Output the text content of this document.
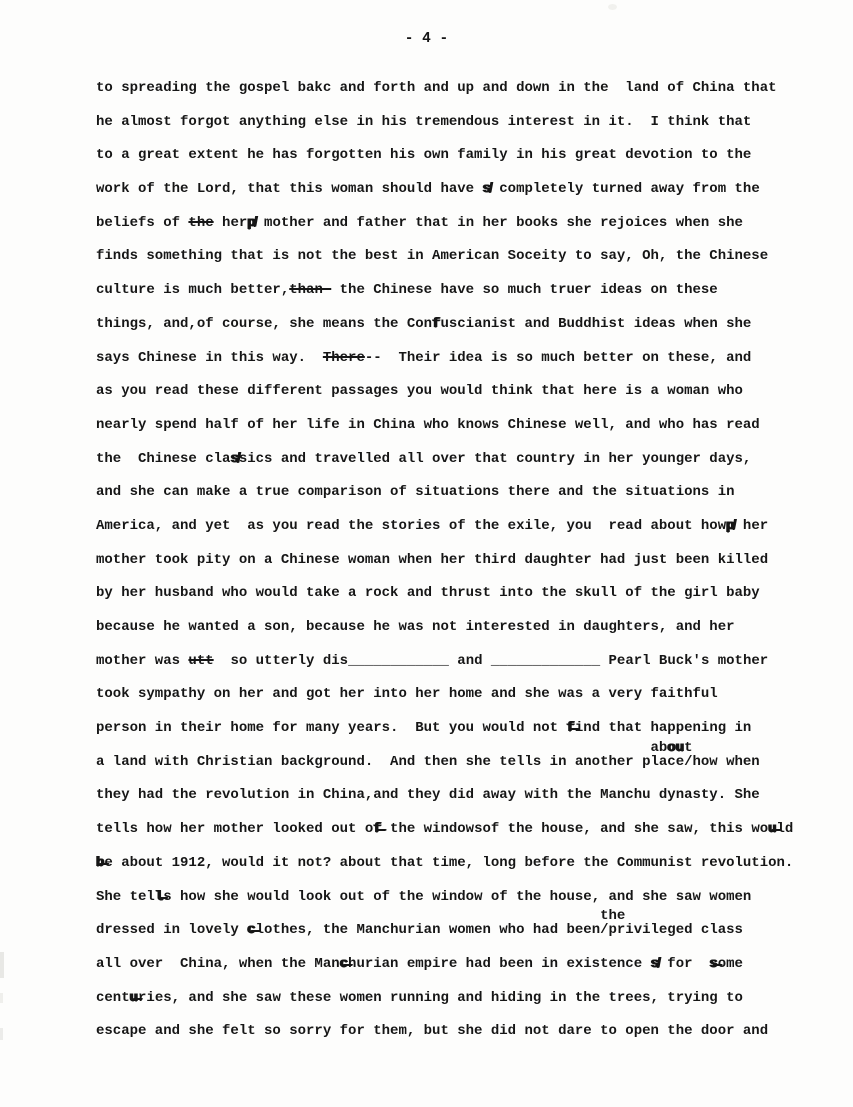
- 4 -
to spreading the gospel bakc and forth and up and down in the  land of China that
he almost forgot anything else in his tremendous interest in it.  I think that
to a great extent he has forgotten his own family in his great devotion to the
work of the Lord, that this woman should have s̸ completely turned away from the
beliefs of the herp̸ mother and father that in her books she rejoices when she
finds something that is not the best in American Soceity to say, Oh, the Chinese
culture is much better,than- the Chinese have so much truer ideas on these
things, and,of course, she means the Confuscianist and Buddhist ideas when she
says Chinese in this way.  There--  Their idea is so much better on these, and
as you read these different passages you would think that here is a woman who
nearly spend half of her life in China who knows Chinese well, and who has read
the  Chinese clas̸sics and travelled all over that country in her younger days,
and she can make a true comparison of situations there and the situations in
America, and yet  as you read the stories of the exile, you  read about howp̸ her
mother took pity on a Chinese woman when her third daughter had just been killed
by her husband who would take a rock and thrust into the skull of the girl baby
because he wanted a son, because he was not interested in daughters, and her
mother was utt  so utterly dis____________ and _____________ Pearl Buck's mother
took sympathy on her and got her into her home and she was a very faithful
person in their home for many years.  But you would not f̶ind that happening in
about
a land with Christian background.  And then she tells in another place/how when
they had the revolution in China,and they did away with the Manchu dynasty. She
tells how her mother looked out of̶ the windowsof the house, and she saw, this wou̶ld
b̶e about 1912, would it not? about that time, long before the Communist revolution.
She tell̶s how she would look out of the window of the house, and she saw women
the
dressed in lovely c̶lothes, the Manchurian women who had been/privileged class
all over  China, when the Manc̶hurian empire had been in existence s̸ for  s̶ome
centu̶ries, and she saw these women running and hiding in the trees, trying to
escape and she felt so sorry for them, but she did not dare to open the door and
